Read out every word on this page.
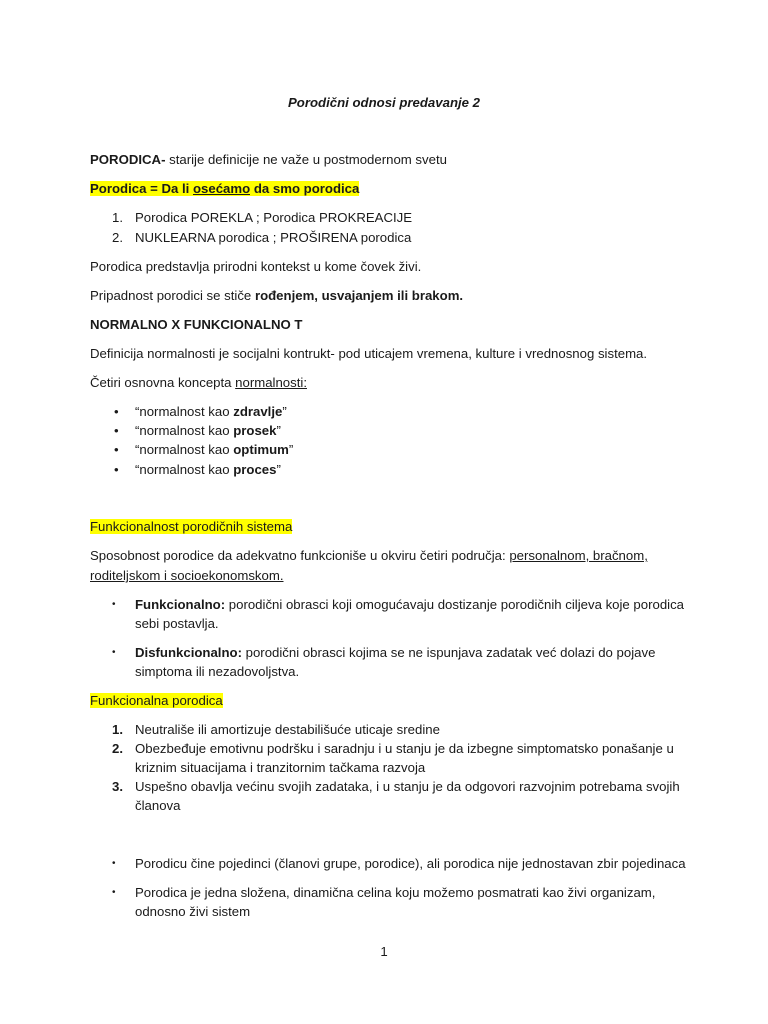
Porodični odnosi predavanje 2
PORODICA- starije definicije ne važe u postmodernom svetu
Porodica = Da li osećamo da smo porodica
1. Porodica POREKLA ; Porodica PROKREACIJE
2. NUKLEARNA porodica ; PROŠIRENA porodica
Porodica predstavlja prirodni kontekst u kome čovek živi.
Pripadnost porodici se stiče rođenjem, usvajanjem ili brakom.
NORMALNO X FUNKCIONALNO T
Definicija normalnosti je socijalni kontrukt- pod uticajem vremena, kulture i vrednosnog sistema.
Četiri osnovna koncepta normalnosti:
• “normalnost kao zdravlje”
• “normalnost kao prosek”
• “normalnost kao optimum”
• “normalnost kao proces”
Funkcionalnost porodičnih sistema
Sposobnost porodice da adekvatno funkcioniše u okviru četiri područja: personalnom, bračnom,
roditeljskom i socioekonomskom.
• Funkcionalno: porodični obrasci koji omogućavaju dostizanje porodičnih ciljeva koje porodica
sebi postavlja.
• Disfunkcionalno: porodični obrasci kojima se ne ispunjava zadatak već dolazi do pojave
simptoma ili nezadovoljstva.
Funkcionalna porodica
1. Neutrališe ili amortizuje destabilišuće uticaje sredine
2. Obezbeđuje emotivnu podršku i saradnju i u stanju je da izbegne simptomatsko ponašanje u
kriznim situacijama i tranzitornim tačkama razvoja
3. Uspešno obavlja većinu svojih zadataka, i u stanju je da odgovori razvojnim potrebama svojih
članova
• Porodicu čine pojedinci (članovi grupe, porodice), ali porodica nije jednostavan zbir pojedinaca
• Porodica je jedna složena, dinamična celina koju možemo posmatrati kao živi organizam,
odnosno živi sistem
1
